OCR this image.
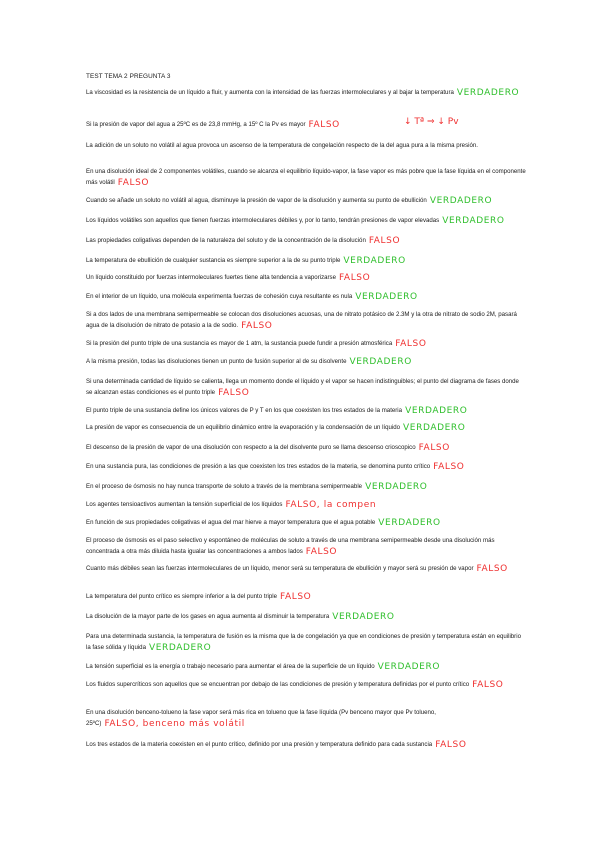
TEST TEMA 2 PREGUNTA 3

La viscosidad es la resistencia de un líquido a fluir, y aumenta con la intensidad de las fuerzas intermoleculares y al bajar la temperatura VERDADERO

Si la presión de vapor del agua a 25ºC es de 23,8 mmHg, a 15º C la Pv es mayor FALSO

La adición de un soluto no volátil al agua provoca un ascenso de la temperatura de congelación respecto de la del agua pura a la misma presión.

En una disolución ideal de 2 componentes volátiles, cuando se alcanza el equilibrio líquido-vapor, la fase vapor es más pobre que la fase líquida en el componente más volátil FALSO

Cuando se añade un soluto no volátil al agua, disminuye la presión de vapor de la disolución y aumenta su punto de ebullición VERDADERO

Los líquidos volátiles son aquellos que tienen fuerzas intermoleculares débiles y, por lo tanto, tendrán presiones de vapor elevadas VERDADERO

Las propiedades coligativas dependen de la naturaleza del soluto y de la concentración de la disolución FALSO

La temperatura de ebullición de cualquier sustancia es siempre superior a la de su punto triple VERDADERO

Un líquido constituido por fuerzas intermoleculares fuertes tiene alta tendencia a vaporizarse FALSO

En el interior de un líquido, una molécula experimenta fuerzas de cohesión cuya resultante es nula VERDADERO

Si a dos lados de una membrana semipermeable se colocan dos disoluciones acuosas, una de nitrato potásico de 2.3M y la otra de nitrato de sodio 2M, pasará agua de la disolución de nitrato de potasio a la de sodio. FALSO

Si la presión del punto triple de una sustancia es mayor de 1 atm, la sustancia puede fundir a presión atmosférica FALSO

A la misma presión, todas las disoluciones tienen un punto de fusión superior al de su disolvente VERDADERO

Si una determinada cantidad de líquido se calienta, llega un momento donde el líquido y el vapor se hacen indistinguibles; el punto del diagrama de fases donde se alcanzan estas condiciones es el punto triple FALSO

El punto triple de una sustancia define los únicos valores de P y T en los que coexisten los tres estados de la materia VERDADERO

La presión de vapor es consecuencia de un equilibrio dinámico entre la evaporación y la condensación de un líquido VERDADERO

El descenso de la presión de vapor de una disolución con respecto a la del disolvente puro se llama descenso crioscopico FALSO

En una sustancia pura, las condiciones de presión a las que coexisten los tres estados de la materia, se denomina punto crítico FALSO

En el proceso de ósmosis no hay nunca transporte de soluto a través de la membrana semipermeable VERDADERO

Los agentes tensioactivos aumentan la tensión superficial de los líquidos FALSO, la compen

En función de sus propiedades coligativas el agua del mar hierve a mayor temperatura que el agua potable VERDADERO

El proceso de ósmosis es el paso selectivo y espontáneo de moléculas de soluto a través de una membrana semipermeable desde una disolución más concentrada a otra más diluida hasta igualar las concentraciones a ambos lados FALSO

Cuanto más débiles sean las fuerzas intermoleculares de un líquido, menor será su temperatura de ebullición y mayor será su presión de vapor FALSO

La temperatura del punto crítico es siempre inferior a la del punto triple FALSO

La disolución de la mayor parte de los gases en agua aumenta al disminuir la temperatura VERDADERO

Para una determinada sustancia, la temperatura de fusión es la misma que la de congelación ya que en condiciones de presión y temperatura están en equilibrio la fase sólida y líquida VERDADERO

La tensión superficial es la energía o trabajo necesario para aumentar el área de la superficie de un líquido VERDADERO

Los fluidos supercríticos son aquellos que se encuentran por debajo de las condiciones de presión y temperatura definidas por el punto crítico FALSO

En una disolución benceno-tolueno la fase vapor será más rica en tolueno que la fase líquida (Pv benceno mayor que Pv tolueno, 25ºC) FALSO, benceno más volátil

Los tres estados de la materia coexisten en el punto crítico, definido por una presión y temperatura definido para cada sustancia FALSO

↓ Tª ⇒ ↓ Pv
